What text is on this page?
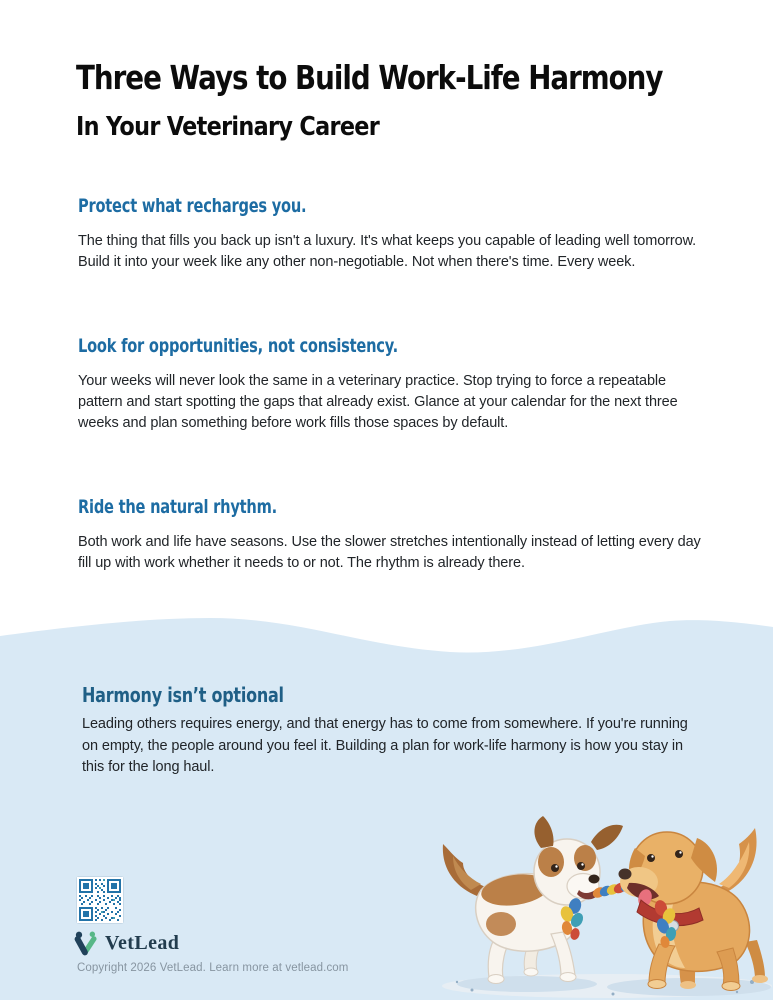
Three Ways to Build Work-Life Harmony
In Your Veterinary Career
Protect what recharges you.
The thing that fills you back up isn't a luxury. It's what keeps you capable of leading well tomorrow. Build it into your week like any other non-negotiable. Not when there's time. Every week.
Look for opportunities, not consistency.
Your weeks will never look the same in a veterinary practice. Stop trying to force a repeatable pattern and start spotting the gaps that already exist. Glance at your calendar for the next three weeks and plan something before work fills those spaces by default.
Ride the natural rhythm.
Both work and life have seasons. Use the slower stretches intentionally instead of letting every day fill up with work whether it needs to or not. The rhythm is already there.
Harmony isn’t optional
Leading others requires energy, and that energy has to come from somewhere. If you're running on empty, the people around you feel it. Building a plan for work-life harmony is how you stay in this for the long haul.
VetLead
Copyright 2026 VetLead. Learn more at vetlead.com
